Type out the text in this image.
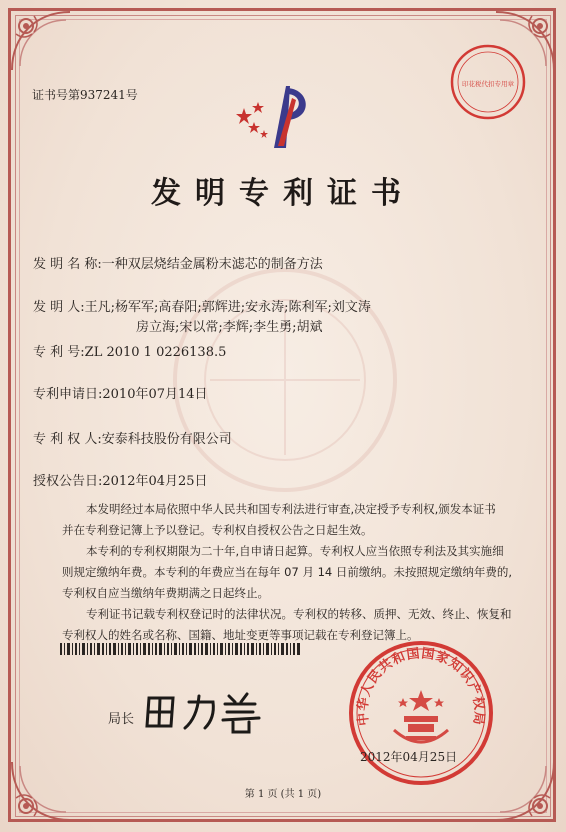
证书号第937241号
印花税代扣专用章
发明专利证书
发 明 名 称:一种双层烧结金属粉末滤芯的制备方法
发 明 人:王凡;杨军军;高春阳;郭辉进;安永涛;陈利军;刘文涛
房立海;宋以常;李辉;李生勇;胡斌
专 利 号:ZL 2010 1 0226138.5
专利申请日:2010年07月14日
专 利 权 人:安泰科技股份有限公司
授权公告日:2012年04月25日
本发明经过本局依照中华人民共和国专利法进行审查,决定授予专利权,颁发本证书
并在专利登记簿上予以登记。专利权自授权公告之日起生效。
本专利的专利权期限为二十年,自申请日起算。专利权人应当依照专利法及其实施细
则规定缴纳年费。本专利的年费应当在每年 07 月 14 日前缴纳。未按照规定缴纳年费的,
专利权自应当缴纳年费期满之日起终止。
专利证书记载专利权登记时的法律状况。专利权的转移、质押、无效、终止、恢复和
专利权人的姓名或名称、国籍、地址变更等事项记载在专利登记簿上。
局长	中华人民共和国国家知识产权局
2012年04月25日
第 1 页 (共 1 页)
